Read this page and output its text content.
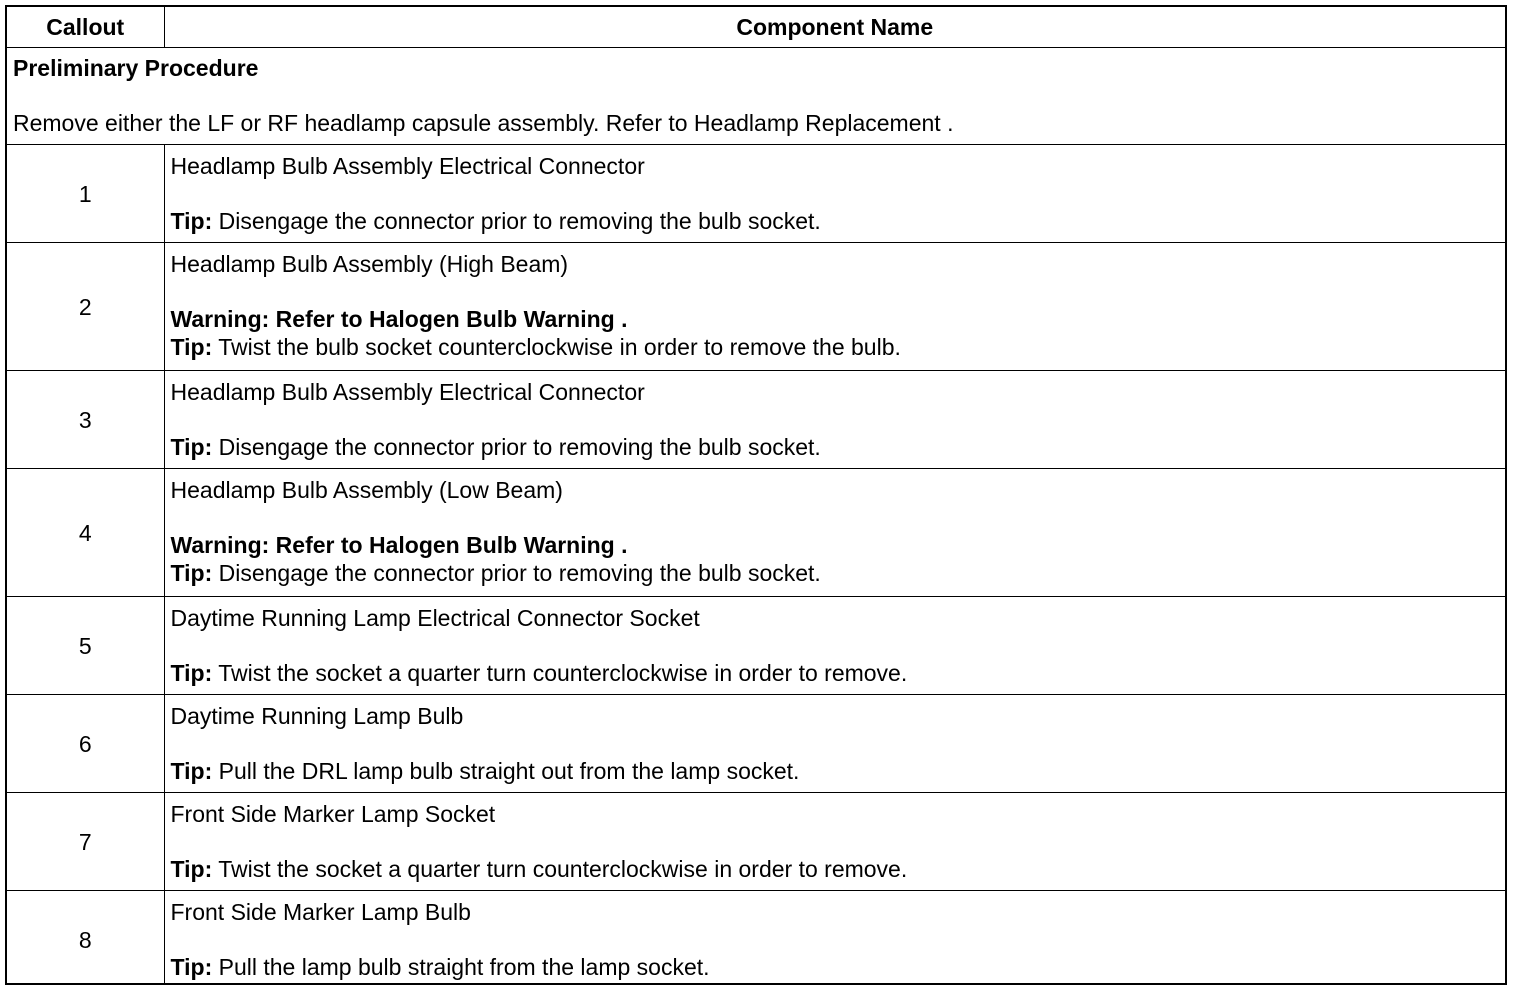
Callout	Component Name

Preliminary Procedure
Remove either the LF or RF headlamp capsule assembly. Refer to Headlamp Replacement .	

1	Headlamp Bulb Assembly Electrical Connector
Tip: Disengage the connector prior to removing the bulb socket.

2	Headlamp Bulb Assembly (High Beam)
Warning: Refer to Halogen Bulb Warning .
Tip: Twist the bulb socket counterclockwise in order to remove the bulb.

3	Headlamp Bulb Assembly Electrical Connector
Tip: Disengage the connector prior to removing the bulb socket.

4	Headlamp Bulb Assembly (Low Beam)
Warning: Refer to Halogen Bulb Warning .
Tip: Disengage the connector prior to removing the bulb socket.

5	Daytime Running Lamp Electrical Connector Socket
Tip: Twist the socket a quarter turn counterclockwise in order to remove.

6	Daytime Running Lamp Bulb
Tip: Pull the DRL lamp bulb straight out from the lamp socket.

7	Front Side Marker Lamp Socket
Tip: Twist the socket a quarter turn counterclockwise in order to remove.

8	Front Side Marker Lamp Bulb
Tip: Pull the lamp bulb straight from the lamp socket.
